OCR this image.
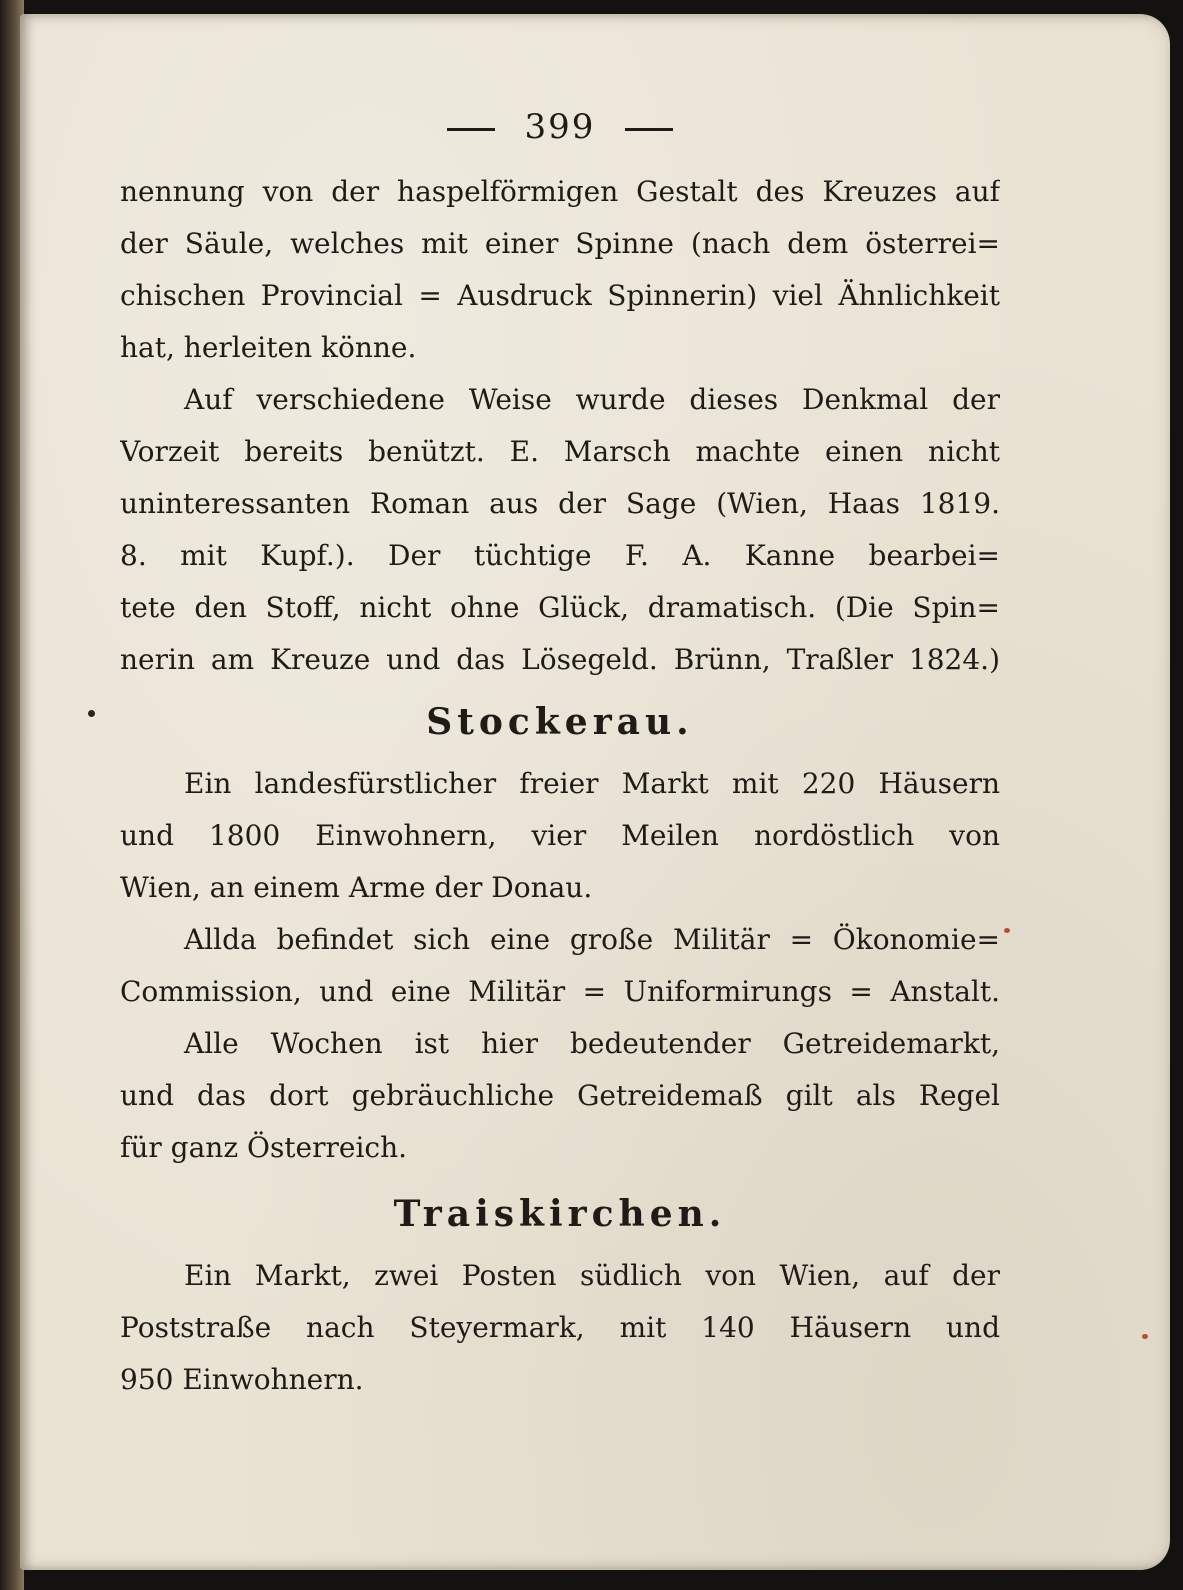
399
nennung von der haspelförmigen Gestalt des Kreuzes auf
der Säule, welches mit einer Spinne (nach dem österrei=
chischen Provincial = Ausdruck Spinnerin) viel Ähnlichkeit
hat, herleiten könne.
Auf verschiedene Weise wurde dieses Denkmal der
Vorzeit bereits benützt. E. Marsch machte einen nicht
uninteressanten Roman aus der Sage (Wien, Haas 1819.
8. mit Kupf.). Der tüchtige F. A. Kanne bearbei=
tete den Stoff, nicht ohne Glück, dramatisch. (Die Spin=
nerin am Kreuze und das Lösegeld. Brünn, Traßler 1824.)
Stockerau.
Ein landesfürstlicher freier Markt mit 220 Häusern
und 1800 Einwohnern, vier Meilen nordöstlich von
Wien, an einem Arme der Donau.
Allda befindet sich eine große Militär = Ökonomie=
Commission, und eine Militär = Uniformirungs = Anstalt.
Alle Wochen ist hier bedeutender Getreidemarkt,
und das dort gebräuchliche Getreidemaß gilt als Regel
für ganz Österreich.
Traiskirchen.
Ein Markt, zwei Posten südlich von Wien, auf der
Poststraße nach Steyermark, mit 140 Häusern und
950 Einwohnern.
